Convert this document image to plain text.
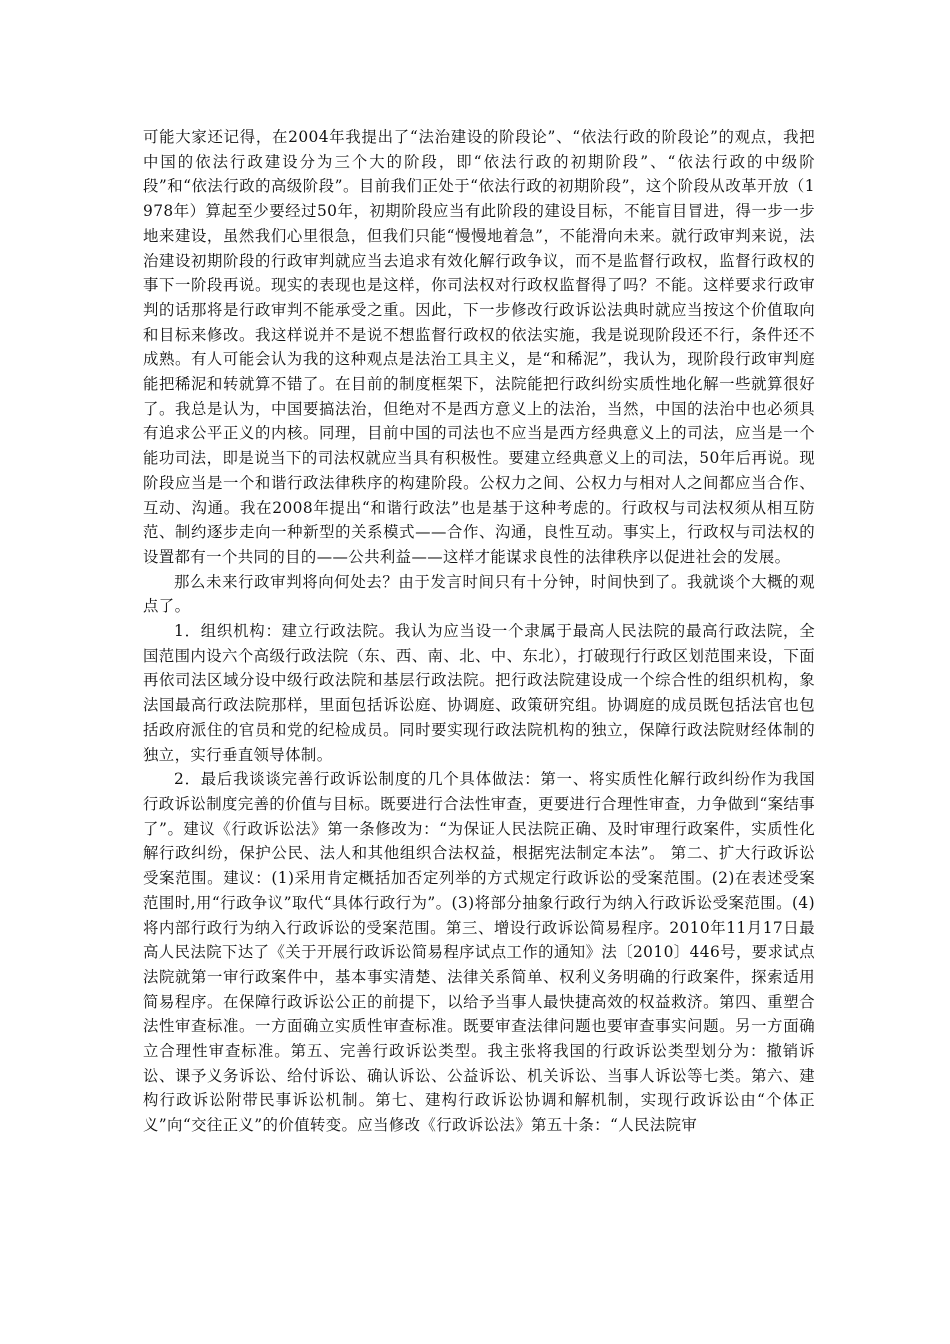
可能大家还记得，在2004年我提出了“法治建设的阶段论”、“依法行政的阶段论”的观点，我把中国的依法行政建设分为三个大的阶段，即“依法行政的初期阶段”、“依法行政的中级阶段”和“依法行政的高级阶段”。目前我们正处于“依法行政的初期阶段”，这个阶段从改革开放（1978年）算起至少要经过50年，初期阶段应当有此阶段的建设目标，不能盲目冒进，得一步一步地来建设，虽然我们心里很急，但我们只能“慢慢地着急”，不能滑向未来。就行政审判来说，法治建设初期阶段的行政审判就应当去追求有效化解行政争议，而不是监督行政权，监督行政权的事下一阶段再说。现实的表现也是这样，你司法权对行政权监督得了吗？不能。这样要求行政审判的话那将是行政审判不能承受之重。因此，下一步修改行政诉讼法典时就应当按这个价值取向和目标来修改。我这样说并不是说不想监督行政权的依法实施，我是说现阶段还不行，条件还不成熟。有人可能会认为我的这种观点是法治工具主义，是“和稀泥”，我认为，现阶段行政审判庭能把稀泥和转就算不错了。在目前的制度框架下，法院能把行政纠纷实质性地化解一些就算很好了。我总是认为，中国要搞法治，但绝对不是西方意义上的法治，当然，中国的法治中也必须具有追求公平正义的内核。同理，目前中国的司法也不应当是西方经典意义上的司法，应当是一个能功司法，即是说当下的司法权就应当具有积极性。要建立经典意义上的司法，50年后再说。现阶段应当是一个和谐行政法律秩序的构建阶段。公权力之间、公权力与相对人之间都应当合作、互动、沟通。我在2008年提出“和谐行政法”也是基于这种考虑的。行政权与司法权须从相互防范、制约逐步走向一种新型的关系模式——合作、沟通，良性互动。事实上，行政权与司法权的设置都有一个共同的目的——公共利益——这样才能谋求良性的法律秩序以促进社会的发展。

那么未来行政审判将向何处去？由于发言时间只有十分钟，时间快到了。我就谈个大概的观点了。

1．组织机构：建立行政法院。我认为应当设一个隶属于最高人民法院的最高行政法院，全国范围内设六个高级行政法院（东、西、南、北、中、东北），打破现行行政区划范围来设，下面再依司法区域分设中级行政法院和基层行政法院。把行政法院建设成一个综合性的组织机构，象法国最高行政法院那样，里面包括诉讼庭、协调庭、政策研究组。协调庭的成员既包括法官也包括政府派住的官员和党的纪检成员。同时要实现行政法院机构的独立，保障行政法院财经体制的独立，实行垂直领导体制。

2．最后我谈谈完善行政诉讼制度的几个具体做法：第一、将实质性化解行政纠纷作为我国行政诉讼制度完善的价值与目标。既要进行合法性审查，更要进行合理性审查，力争做到“案结事了”。建议《行政诉讼法》第一条修改为：“为保证人民法院正确、及时审理行政案件，实质性化解行政纠纷，保护公民、法人和其他组织合法权益，根据宪法制定本法”。 第二、扩大行政诉讼受案范围。建议：(1)采用肯定概括加否定列举的方式规定行政诉讼的受案范围。(2)在表述受案范围时,用“行政争议”取代“具体行政行为”。(3)将部分抽象行政行为纳入行政诉讼受案范围。(4)将内部行政行为纳入行政诉讼的受案范围。第三、增设行政诉讼简易程序。2010年11月17日最高人民法院下达了《关于开展行政诉讼简易程序试点工作的通知》法〔2010〕446号，要求试点法院就第一审行政案件中，基本事实清楚、法律关系简单、权利义务明确的行政案件，探索适用简易程序。在保障行政诉讼公正的前提下，以给予当事人最快捷高效的权益救济。第四、重塑合法性审查标准。一方面确立实质性审查标准。既要审查法律问题也要审查事实问题。另一方面确立合理性审查标准。第五、完善行政诉讼类型。我主张将我国的行政诉讼类型划分为：撤销诉讼、课予义务诉讼、给付诉讼、确认诉讼、公益诉讼、机关诉讼、当事人诉讼等七类。第六、建构行政诉讼附带民事诉讼机制。第七、建构行政诉讼协调和解机制，实现行政诉讼由“个体正义”向“交往正义”的价值转变。应当修改《行政诉讼法》第五十条：“人民法院审
